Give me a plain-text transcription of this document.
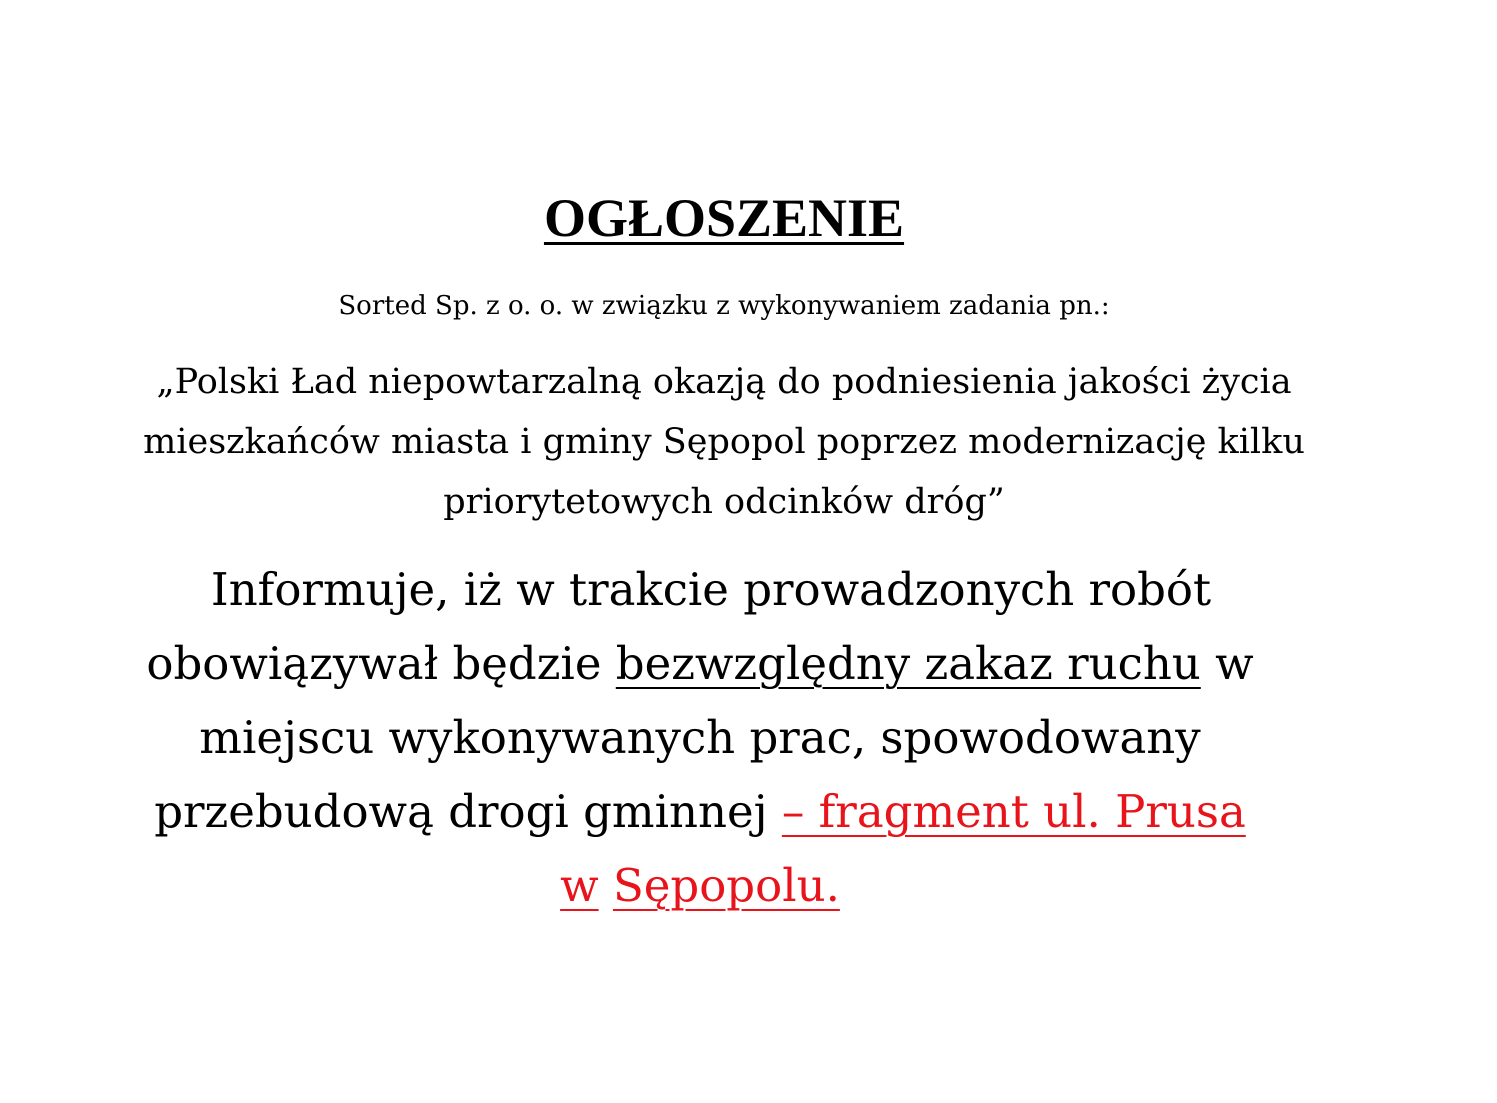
OGŁOSZENIE
Sorted Sp. z o. o. w związku z wykonywaniem zadania pn.:
„Polski Ład niepowtarzalną okazją do podniesienia jakości życia mieszkańców miasta i gminy Sępopol poprzez modernizację kilku priorytetowych odcinków dróg”
Informuje, iż w trakcie prowadzonych robót obowiązywał będzie bezwzględny zakaz ruchu w miejscu wykonywanych prac, spowodowany przebudową drogi gminnej – fragment ul. Prusa
w Sępopolu.
